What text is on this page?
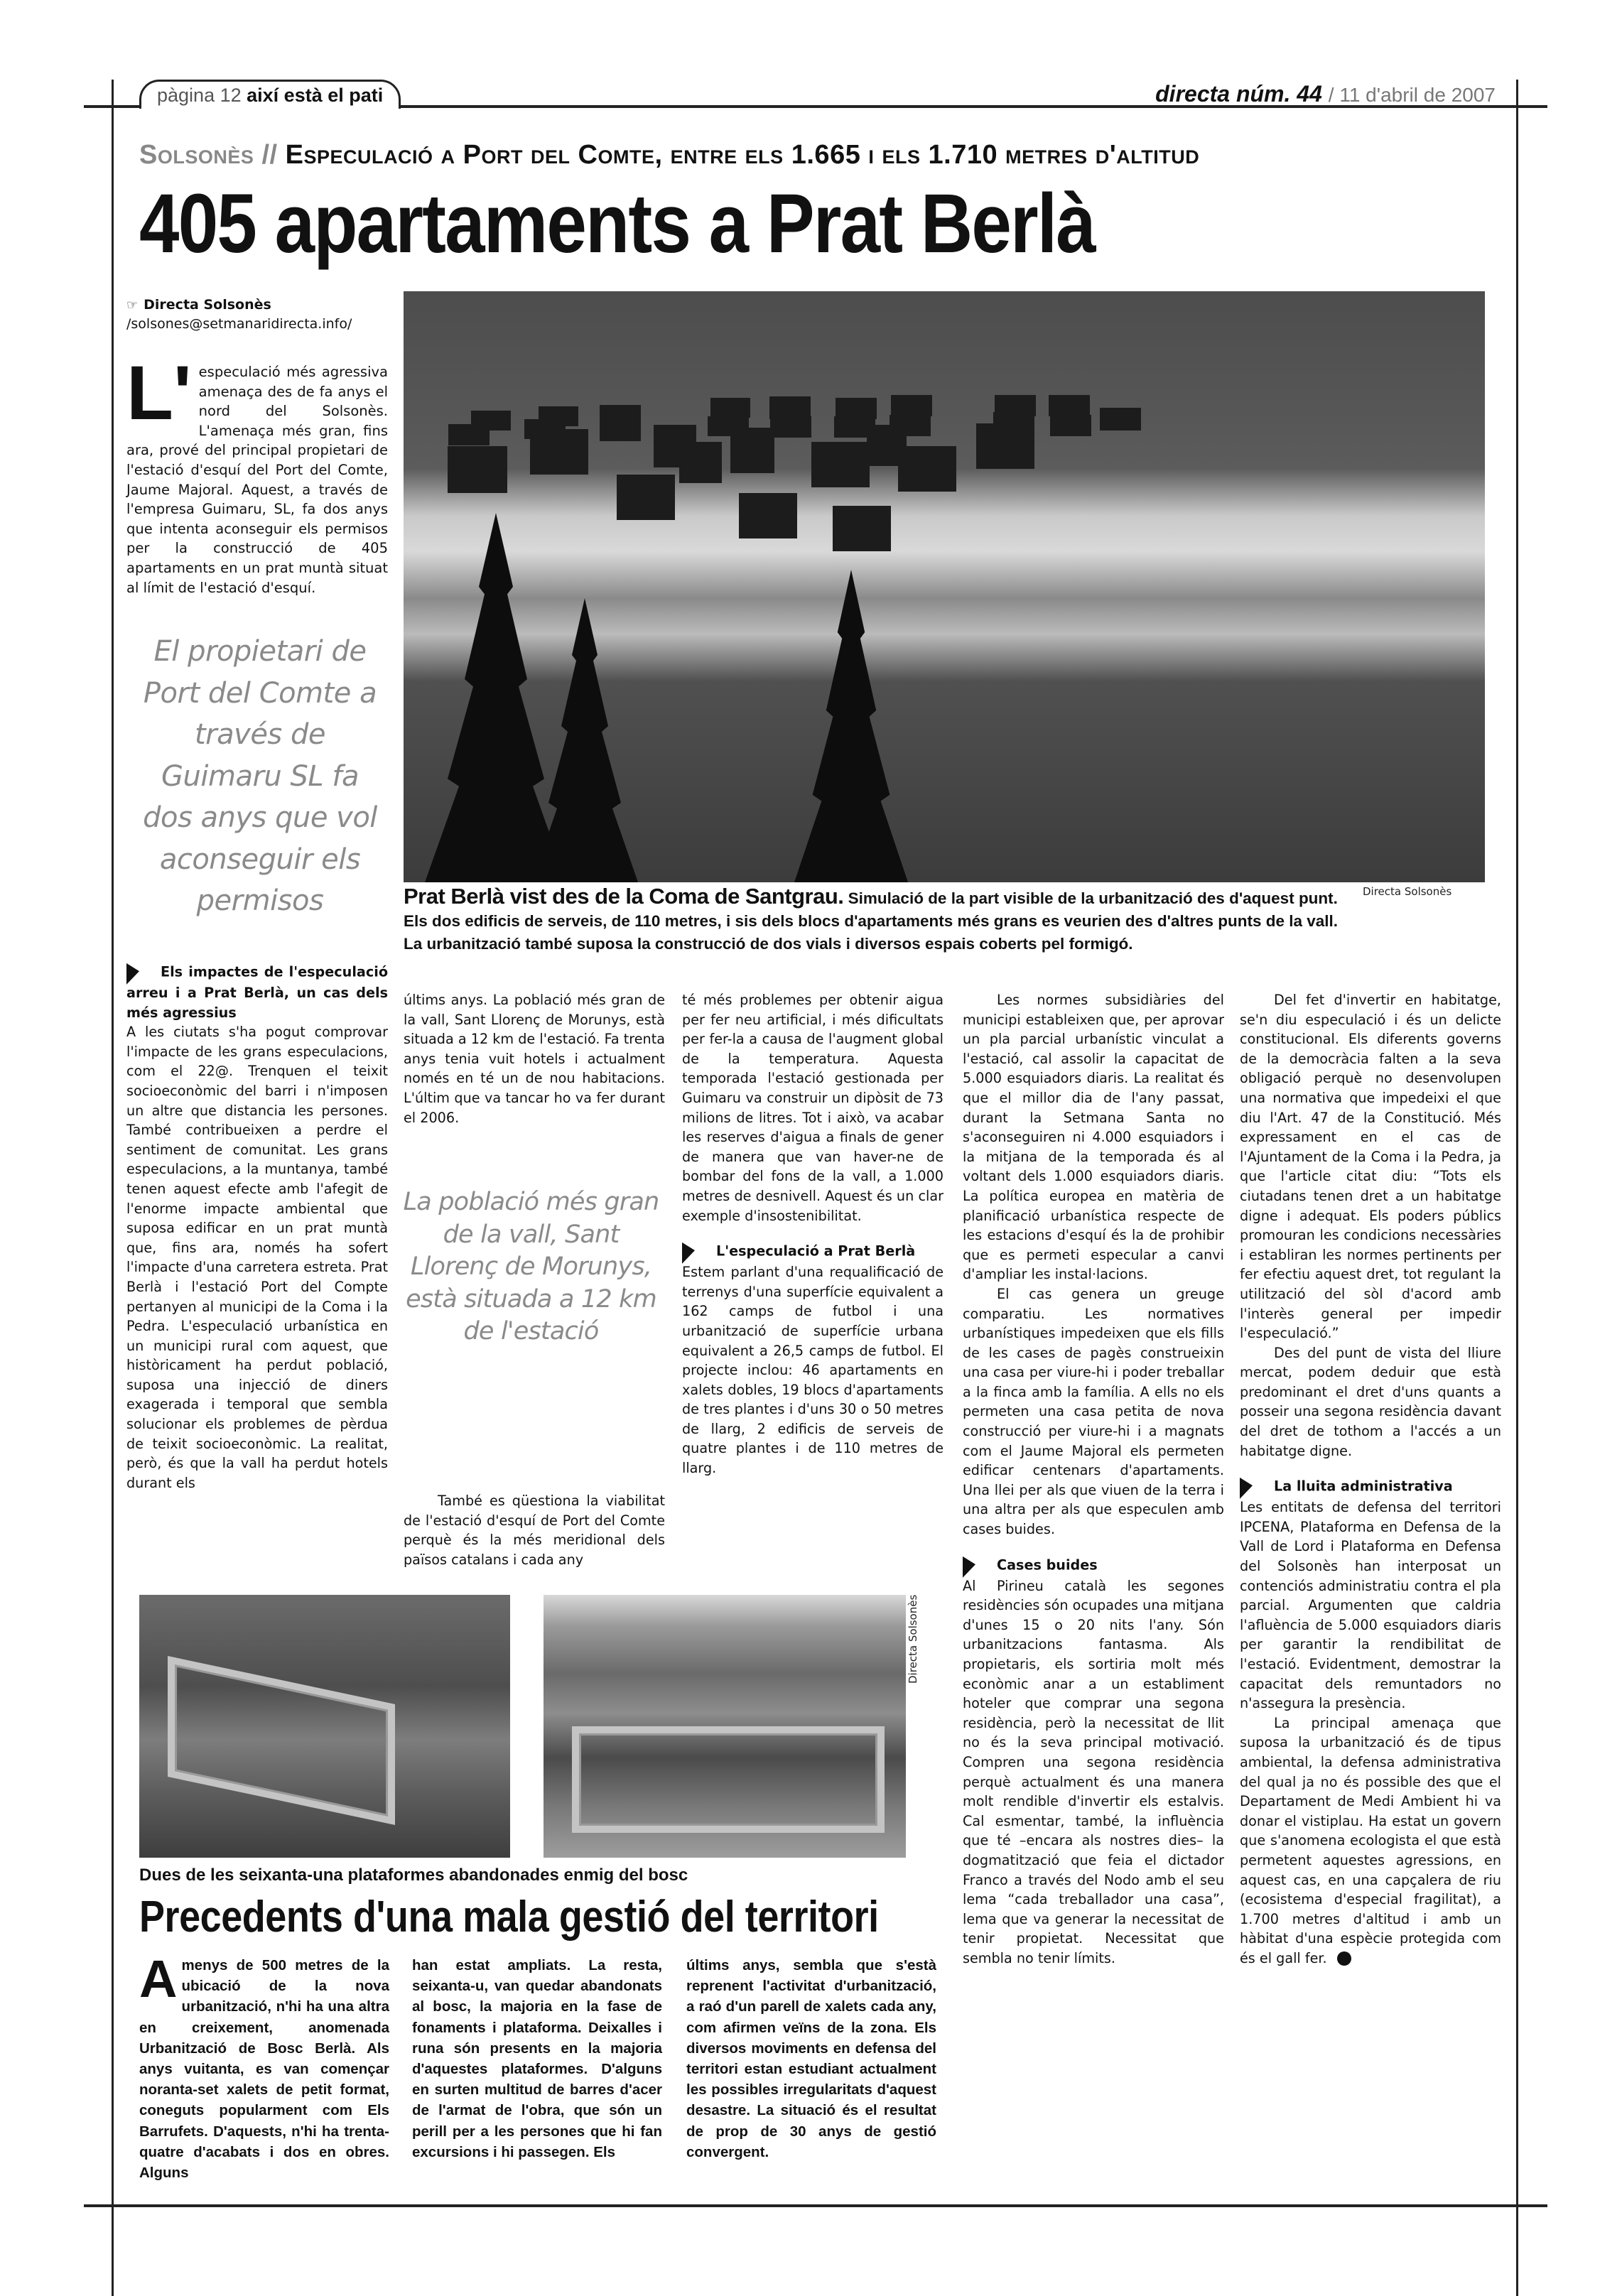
pàgina 12 així està el pati	directa núm. 44 / 11 d'abril de 2007
Solsonès // Especulació a Port del Comte, entre els 1.665 i els 1.710 metres d'altitud
405 apartaments a Prat Berlà
☞ Directa Solsonès
/solsones@setmanaridirecta.info/
L' especulació més agressiva amenaça des de fa anys el nord del Solsonès. L'amenaça més gran, fins ara, prové del principal propietari de l'estació d'esquí del Port del Comte, Jaume Majoral. Aquest, a través de l'empresa Guimaru, SL, fa dos anys que intenta aconseguir els permisos per la construcció de 405 apartaments en un prat muntà situat al límit de l'estació d'esquí.
El propietari de Port del Comte a través de Guimaru SL fa dos anys que vol aconseguir els permisos	Directa Solsonès
Prat Berlà vist des de la Coma de Santgrau. Simulació de la part visible de la urbanització des d'aquest punt. Els dos edificis de serveis, de 110 metres, i sis dels blocs d'apartaments més grans es veurien des d'altres punts de la vall. La urbanització també suposa la construcció de dos vials i diversos espais coberts pel formigó.

Els impactes de l'especulació arreu i a Prat Berlà, un cas dels més agressius

A les ciutats s'ha pogut comprovar l'impacte de les grans especulacions, com el 22@. Trenquen el teixit socioeconòmic del barri i n'imposen un altre que distancia les persones. També contribueixen a perdre el sentiment de comunitat. Les grans especulacions, a la muntanya, també tenen aquest efecte amb l'afegit de l'enorme impacte ambiental que suposa edificar en un prat muntà que, fins ara, només ha sofert l'impacte d'una carretera estreta. Prat Berlà i l'estació Port del Compte pertanyen al municipi de la Coma i la Pedra. L'especulació urbanística en un municipi rural com aquest, que històricament ha perdut població, suposa una injecció de diners exagerada i temporal que sembla solucionar els problemes de pèrdua de teixit socioeconòmic. La realitat, però, és que la vall ha perdut hotels durant els

últims anys. La població més gran de la vall, Sant Llorenç de Morunys, està situada a 12 km de l'estació. Fa trenta anys tenia vuit hotels i actualment només en té un de nou habitacions. L'últim que va tancar ho va fer durant el 2006.

La població més gran de la vall, Sant Llorenç de Morunys, està situada a 12 km de l'estació

També es qüestiona la viabilitat de l'estació d'esquí de Port del Comte perquè és la més meridional dels països catalans i cada any

té més problemes per obtenir aigua per fer neu artificial, i més dificultats per fer-la a causa de l'augment global de la temperatura. Aquesta temporada l'estació gestionada per Guimaru va construir un dipòsit de 73 milions de litres. Tot i això, va acabar les reserves d'aigua a finals de gener de manera que van haver-ne de bombar del fons de la vall, a 1.000 metres de desnivell. Aquest és un clar exemple d'insostenibilitat.

L'especulació a Prat Berlà

Estem parlant d'una requalificació de terrenys d'una superfície equivalent a 162 camps de futbol i una urbanització de superfície urbana equivalent a 26,5 camps de futbol. El projecte inclou: 46 apartaments en xalets dobles, 19 blocs d'apartaments de tres plantes i d'uns 30 o 50 metres de llarg, 2 edificis de serveis de quatre plantes i de 110 metres de llarg.

Les normes subsidiàries del municipi estableixen que, per aprovar un pla parcial urbanístic vinculat a l'estació, cal assolir la capacitat de 5.000 esquiadors diaris. La realitat és que el millor dia de l'any passat, durant la Setmana Santa no s'aconseguiren ni 4.000 esquiadors i la mitjana de la temporada és al voltant dels 1.000 esquiadors diaris. La política europea en matèria de planificació urbanística respecte de les estacions d'esquí és la de prohibir que es permeti especular a canvi d'ampliar les instal·lacions.

El cas genera un greuge comparatiu. Les normatives urbanístiques impedeixen que els fills de les cases de pagès construeixin una casa per viure-hi i poder treballar a la finca amb la família. A ells no els permeten una casa petita de nova construcció per viure-hi i a magnats com el Jaume Majoral els permeten edificar centenars d'apartaments. Una llei per als que viuen de la terra i una altra per als que especulen amb cases buides.

Cases buides

Al Pirineu català les segones residències són ocupades una mitjana d'unes 15 o 20 nits l'any. Són urbanitzacions fantasma. Als propietaris, els sortiria molt més econòmic anar a un establiment hoteler que comprar una segona residència, però la necessitat de llit no és la seva principal motivació. Compren una segona residència perquè actualment és una manera molt rendible d'invertir els estalvis. Cal esmentar, també, la influència que té –encara als nostres dies– la dogmatització que feia el dictador Franco a través del Nodo amb el seu lema “cada treballador una casa”, lema que va generar la necessitat de tenir propietat. Necessitat que sembla no tenir límits.

Del fet d'invertir en habitatge, se'n diu especulació i és un delicte constitucional. Els diferents governs de la democràcia falten a la seva obligació perquè no desenvolupen una normativa que impedeixi el que diu l'Art. 47 de la Constitució. Més expressament en el cas de l'Ajuntament de la Coma i la Pedra, ja que l'article citat diu: “Tots els ciutadans tenen dret a un habitatge digne i adequat. Els poders públics promouran les condicions necessàries i establiran les normes pertinents per fer efectiu aquest dret, tot regulant la utilització del sòl d'acord amb l'interès general per impedir l'especulació.”

Des del punt de vista del lliure mercat, podem deduir que està predominant el dret d'uns quants a posseir una segona residència davant del dret de tothom a l'accés a un habitatge digne.

La lluita administrativa

Les entitats de defensa del territori IPCENA, Plataforma en Defensa de la Vall de Lord i Plataforma en Defensa del Solsonès han interposat un contenciós administratiu contra el pla parcial. Argumenten que caldria l'afluència de 5.000 esquiadors diaris per garantir la rendibilitat de l'estació. Evidentment, demostrar la capacitat dels remuntadors no n'assegura la presència.

La principal amenaça que suposa la urbanització és de tipus ambiental, la defensa administrativa del qual ja no és possible des que el Departament de Medi Ambient hi va donar el vistiplau. Ha estat un govern que s'anomena ecologista el que està permetent aquestes agressions, en aquest cas, en una capçalera de riu (ecosistema d'especial fragilitat), a 1.700 metres d'altitud i amb un hàbitat d'una espècie protegida com és el gall fer.	d/

Directa Solsonès
Dues de les seixanta-una plataformes abandonades enmig del bosc
Precedents d'una mala gestió del territori
Amenys de 500 metres de la ubicació de la nova urbanització, n'hi ha una altra en creixement, anomenada Urbanització de Bosc Berlà. Als anys vuitanta, es van començar noranta-set xalets de petit format, coneguts popularment com Els Barrufets. D'aquests, n'hi ha trenta-quatre d'acabats i dos en obres. Alguns
han estat ampliats. La resta, seixanta-u, van quedar abandonats al bosc, la majoria en la fase de fonaments i plataforma. Deixalles i runa són presents en la majoria d'aquestes plataformes. D'alguns en surten multitud de barres d'acer de l'armat de l'obra, que són un perill per a les persones que hi fan excursions i hi passegen. Els
últims anys, sembla que s'està reprenent l'activitat d'urbanització, a raó d'un parell de xalets cada any, com afirmen veïns de la zona. Els diversos moviments en defensa del territori estan estudiant actualment les possibles irregularitats d'aquest desastre. La situació és el resultat de prop de 30 anys de gestió convergent.
